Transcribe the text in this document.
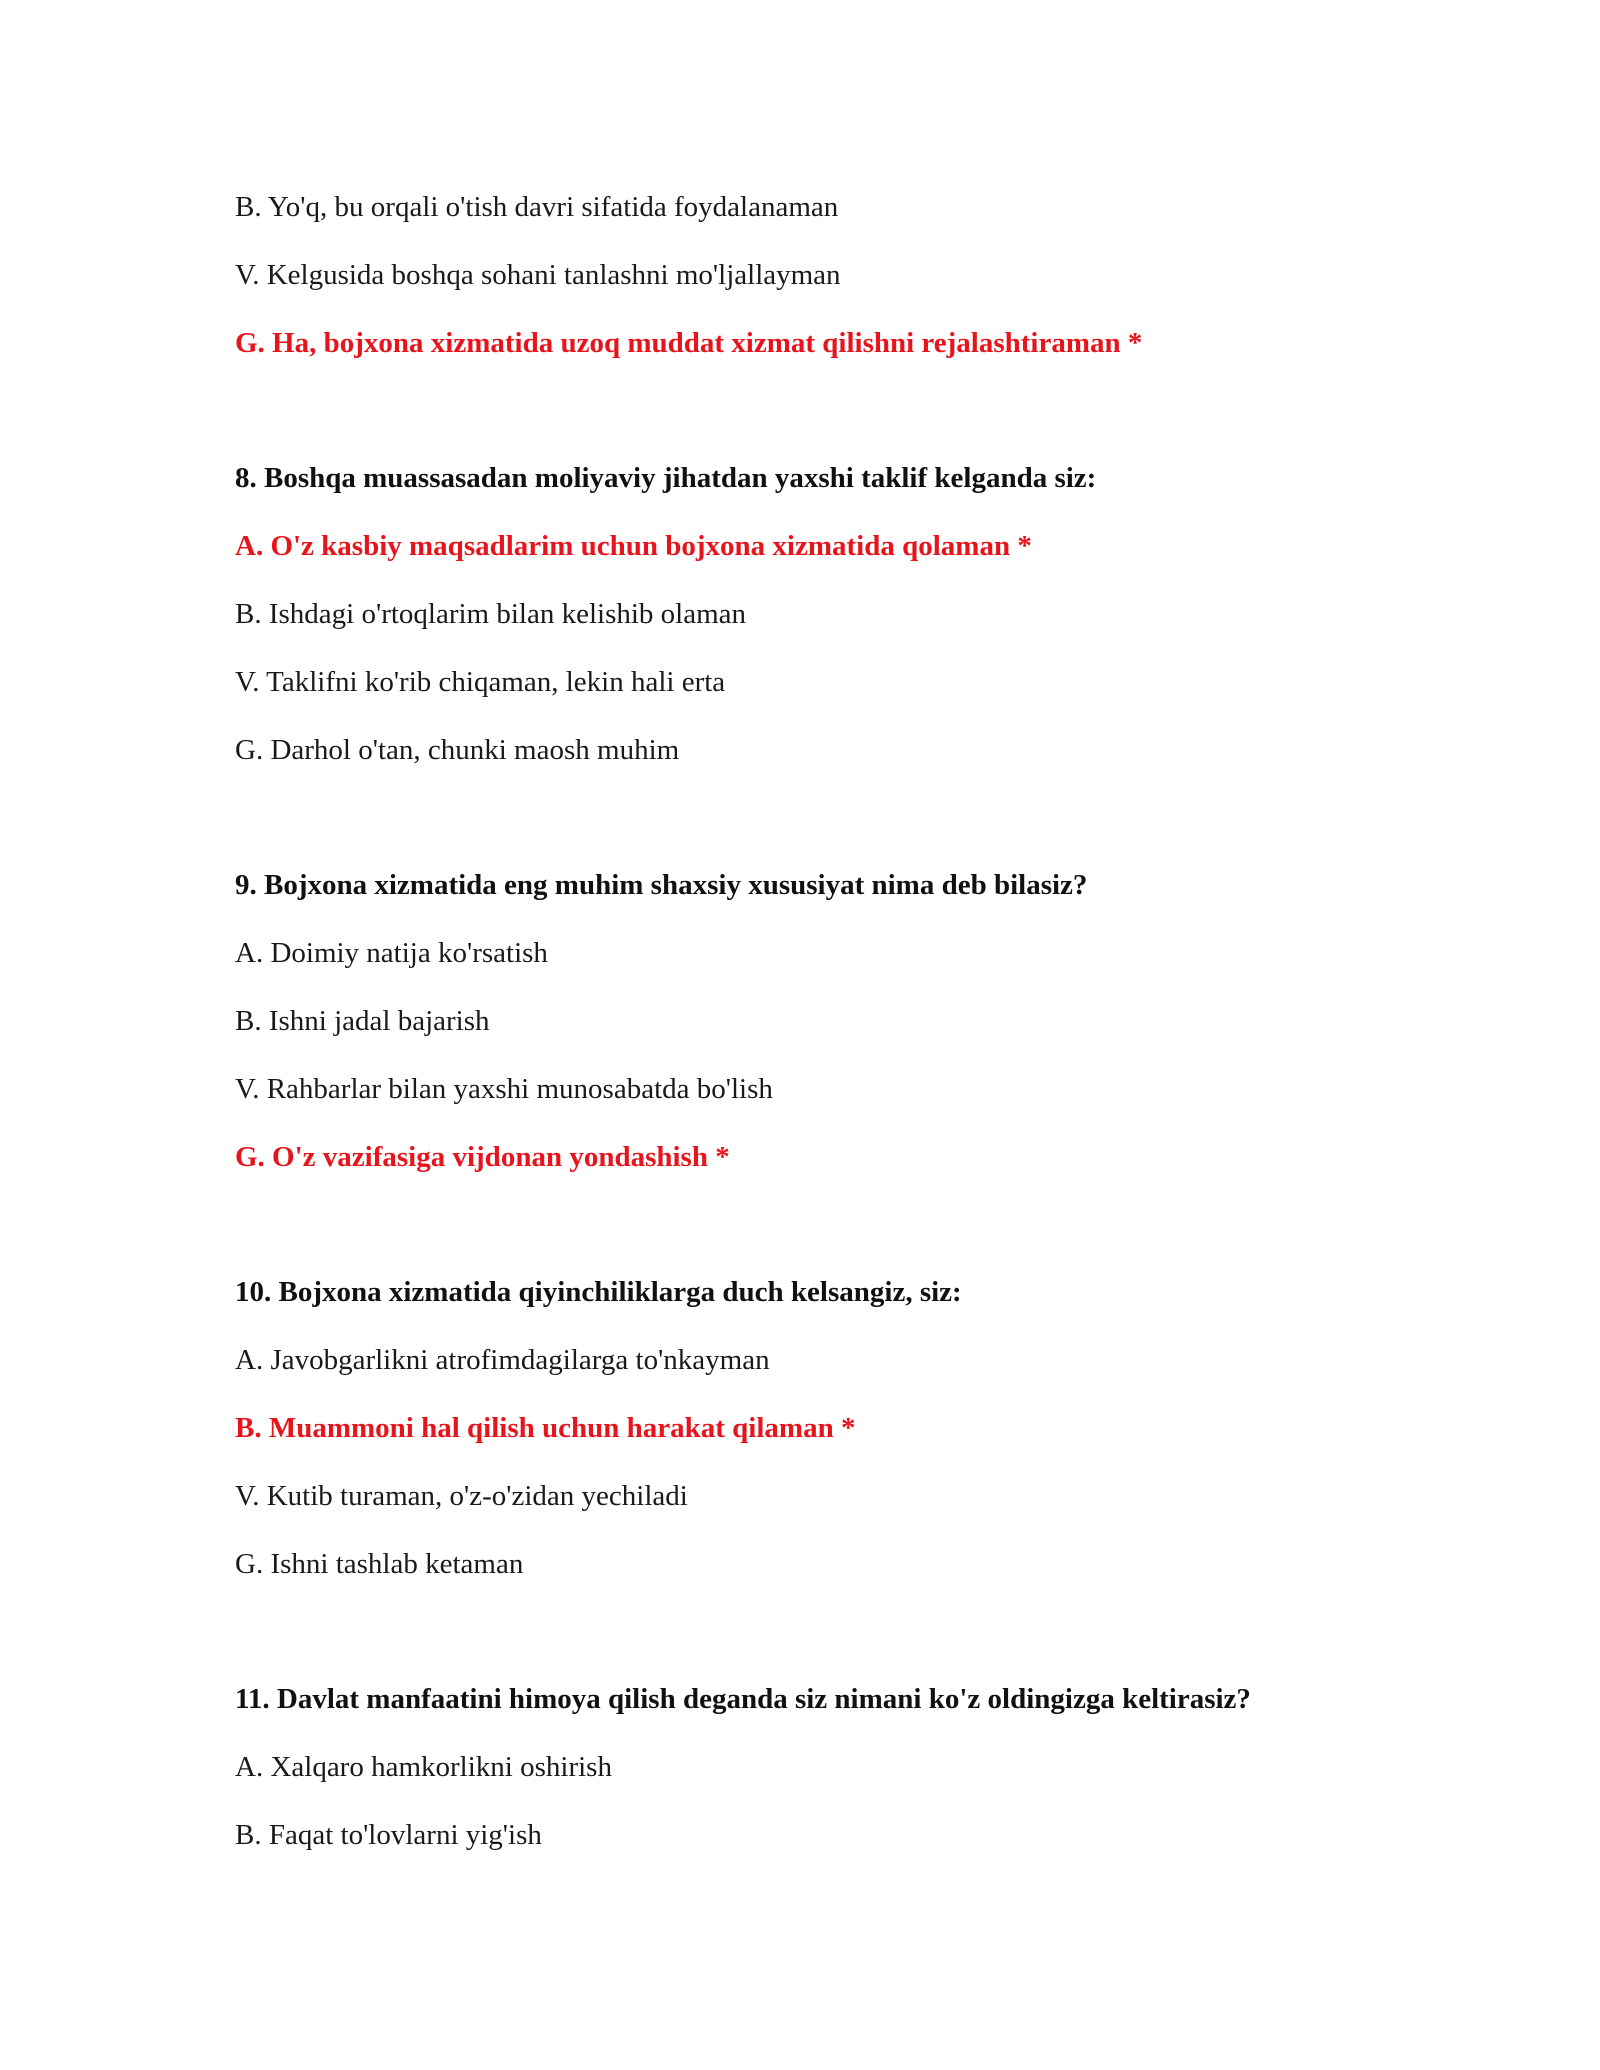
B. Yo'q, bu orqali o'tish davri sifatida foydalanaman
V. Kelgusida boshqa sohani tanlashni mo'ljallayman
G. Ha, bojxona xizmatida uzoq muddat xizmat qilishni rejalashtiraman *
8. Boshqa muassasadan moliyaviy jihatdan yaxshi taklif kelganda siz:
A. O'z kasbiy maqsadlarim uchun bojxona xizmatida qolaman *
B. Ishdagi o'rtoqlarim bilan kelishib olaman
V. Taklifni ko'rib chiqaman, lekin hali erta
G. Darhol o'tan, chunki maosh muhim
9. Bojxona xizmatida eng muhim shaxsiy xususiyat nima deb bilasiz?
A. Doimiy natija ko'rsatish
B. Ishni jadal bajarish
V. Rahbarlar bilan yaxshi munosabatda bo'lish
G. O'z vazifasiga vijdonan yondashish *
10. Bojxona xizmatida qiyinchiliklarga duch kelsangiz, siz:
A. Javobgarlikni atrofimdagilarga to'nkayman
B. Muammoni hal qilish uchun harakat qilaman *
V. Kutib turaman, o'z-o'zidan yechiladi
G. Ishni tashlab ketaman
11. Davlat manfaatini himoya qilish deganda siz nimani ko'z oldingizga keltirasiz?
A. Xalqaro hamkorlikni oshirish
B. Faqat to'lovlarni yig'ish
